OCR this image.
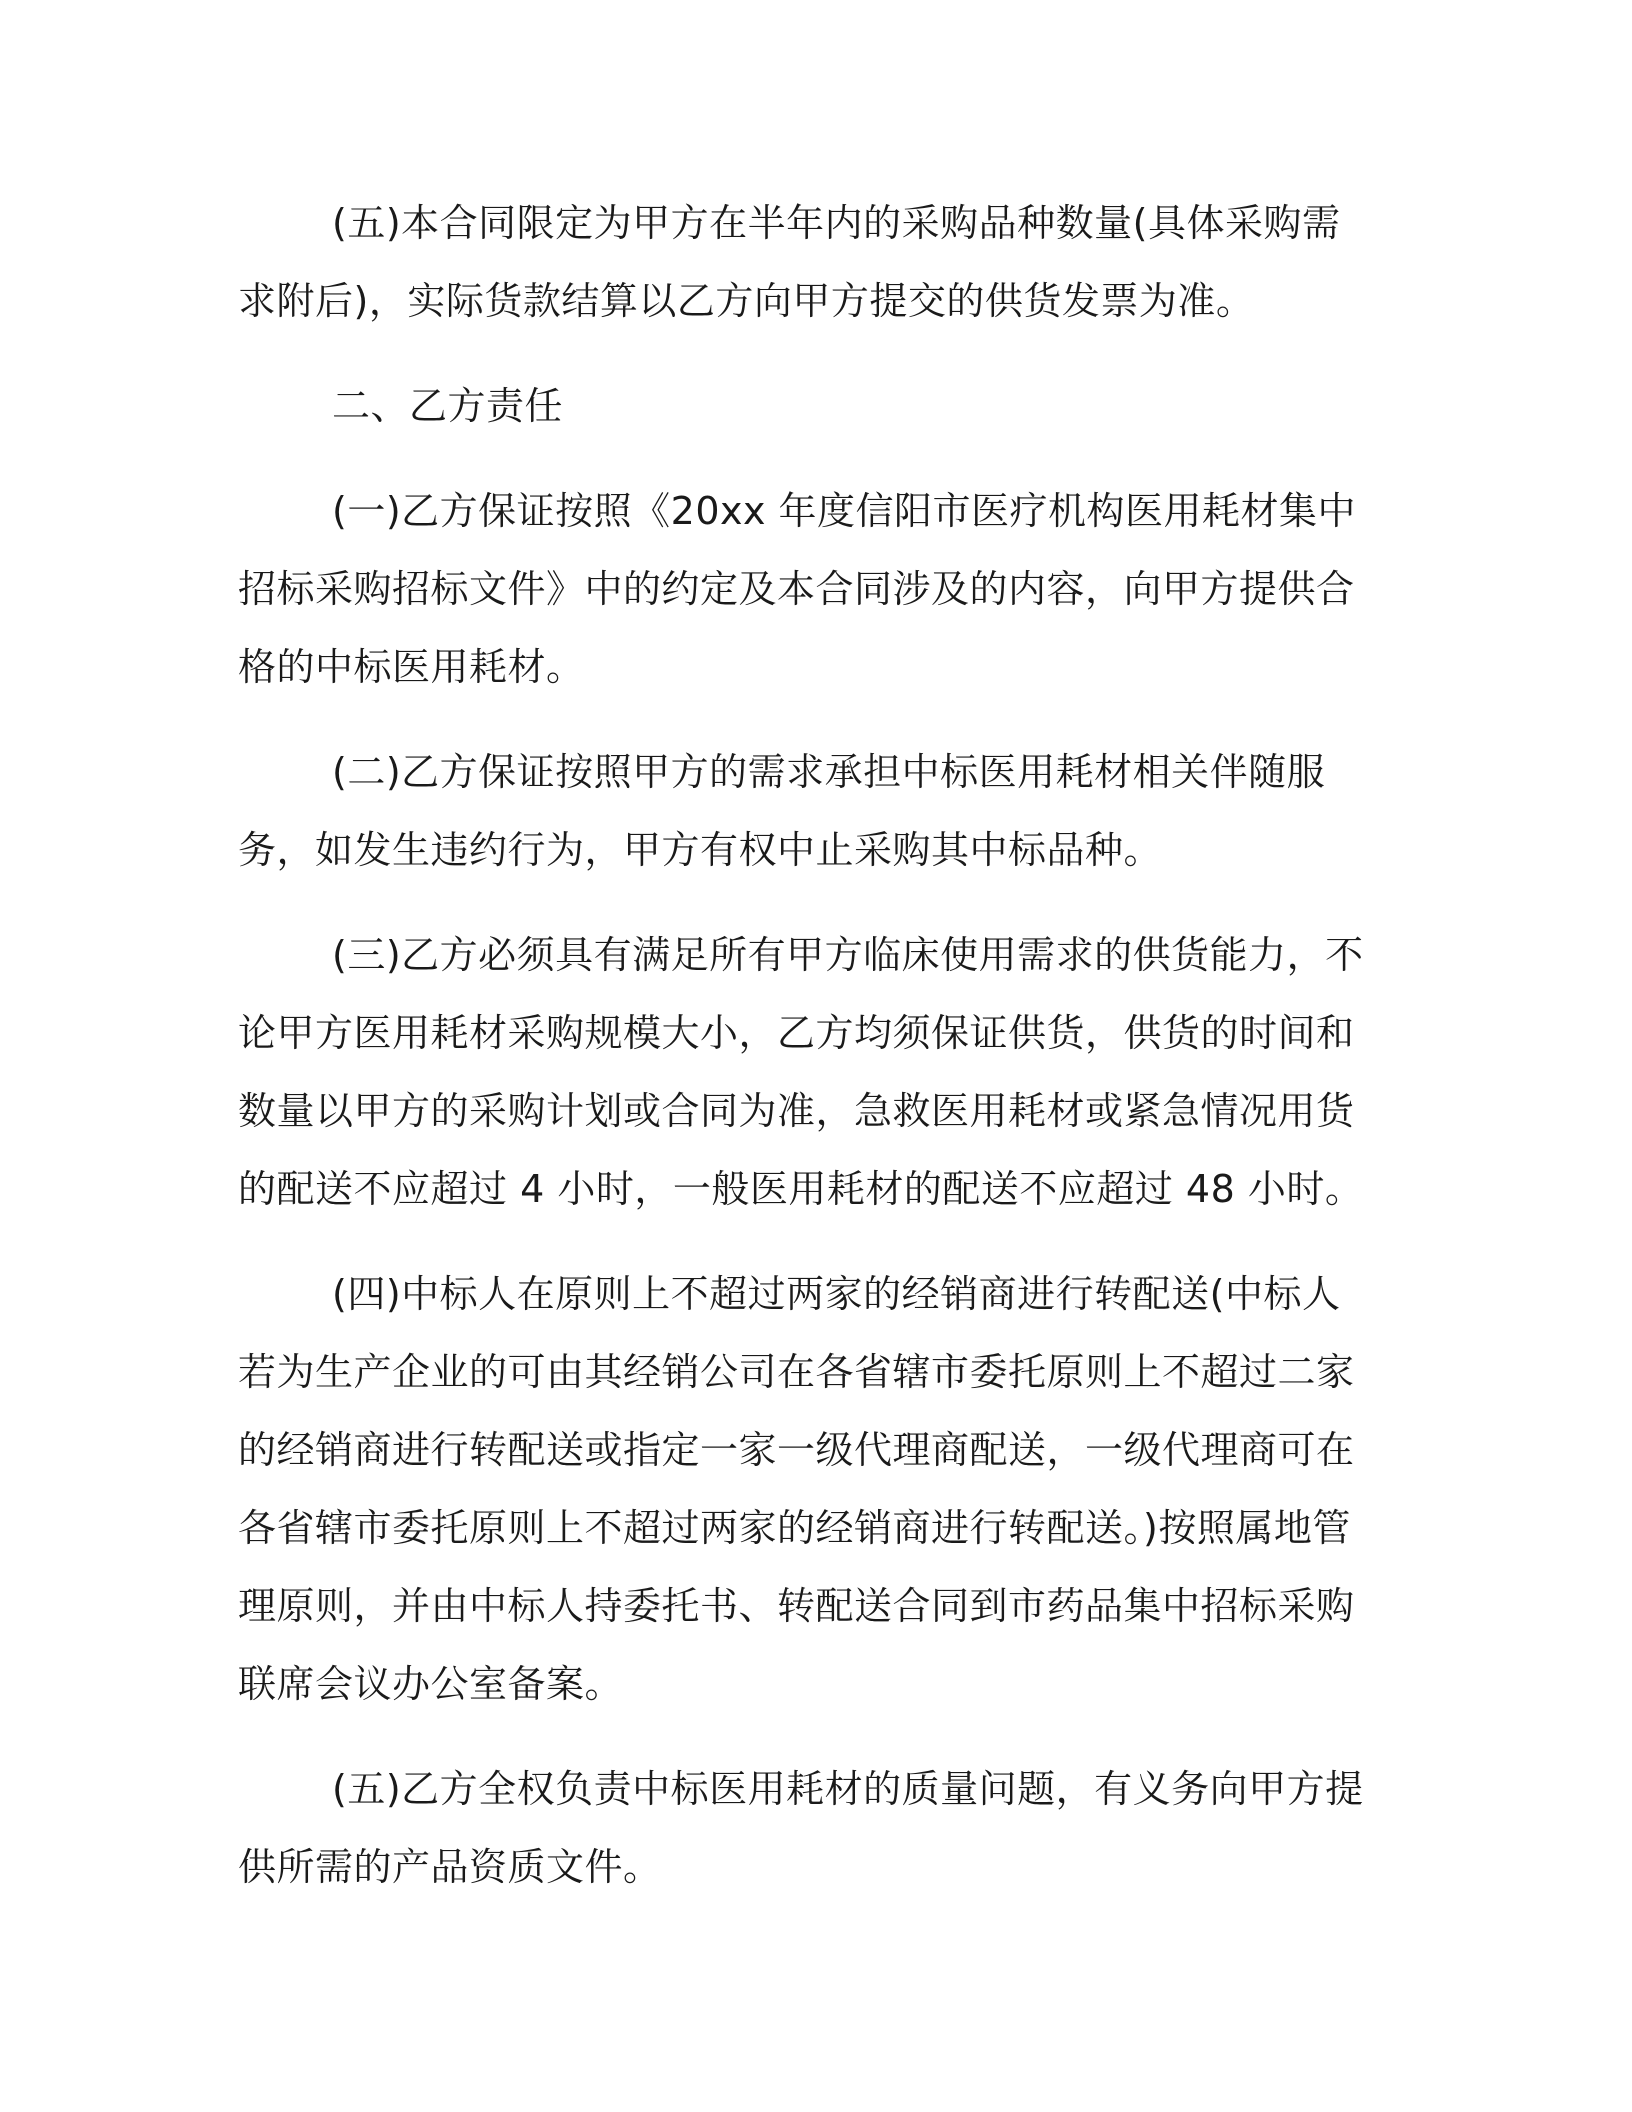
(五)本合同限定为甲方在半年内的采购品种数量(具体采购需求附后)，实际货款结算以乙方向甲方提交的供货发票为准。

二、乙方责任

(一)乙方保证按照《20xx 年度信阳市医疗机构医用耗材集中招标采购招标文件》中的约定及本合同涉及的内容，向甲方提供合格的中标医用耗材。

(二)乙方保证按照甲方的需求承担中标医用耗材相关伴随服务，如发生违约行为，甲方有权中止采购其中标品种。

(三)乙方必须具有满足所有甲方临床使用需求的供货能力，不论甲方医用耗材采购规模大小，乙方均须保证供货，供货的时间和数量以甲方的采购计划或合同为准，急救医用耗材或紧急情况用货的配送不应超过 4 小时，一般医用耗材的配送不应超过 48 小时。

(四)中标人在原则上不超过两家的经销商进行转配送(中标人若为生产企业的可由其经销公司在各省辖市委托原则上不超过二家的经销商进行转配送或指定一家一级代理商配送，一级代理商可在各省辖市委托原则上不超过两家的经销商进行转配送。)按照属地管理原则，并由中标人持委托书、转配送合同到市药品集中招标采购联席会议办公室备案。

(五)乙方全权负责中标医用耗材的质量问题，有义务向甲方提供所需的产品资质文件。
